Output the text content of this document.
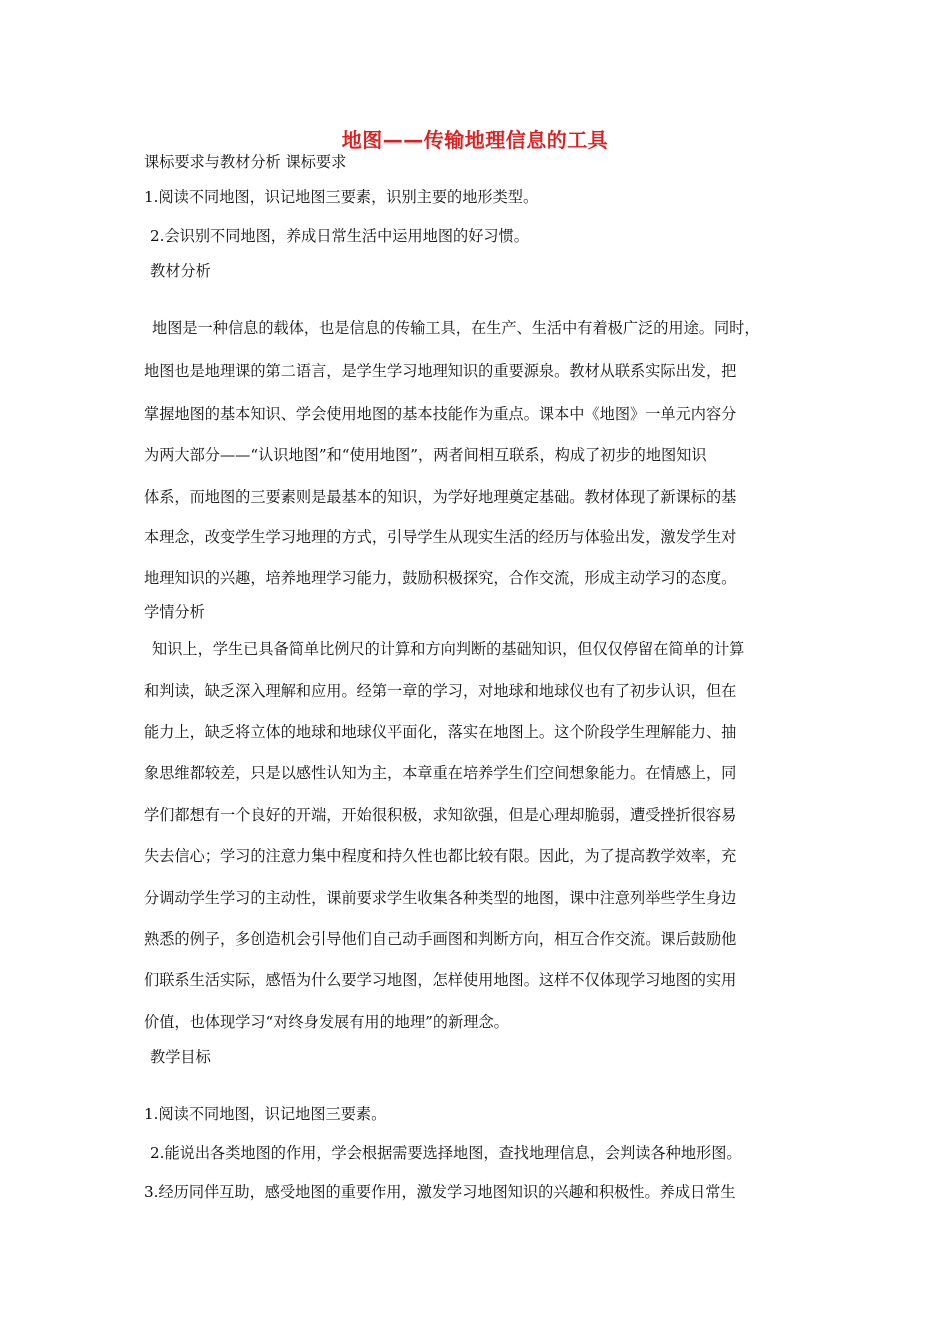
地图——传输地理信息的工具
课标要求与教材分析 课标要求
1.阅读不同地图，识记地图三要素，识别主要的地形类型。
2.会识别不同地图，养成日常生活中运用地图的好习惯。
教材分析
地图是一种信息的载体，也是信息的传输工具，在生产、生活中有着极广泛的用途。同时，
地图也是地理课的第二语言，是学生学习地理知识的重要源泉。教材从联系实际出发，把
掌握地图的基本知识、学会使用地图的基本技能作为重点。课本中《地图》一单元内容分
为两大部分——“认识地图”和“使用地图”，两者间相互联系，构成了初步的地图知识
体系，而地图的三要素则是最基本的知识，为学好地理奠定基础。教材体现了新课标的基
本理念，改变学生学习地理的方式，引导学生从现实生活的经历与体验出发，激发学生对
地理知识的兴趣，培养地理学习能力，鼓励积极探究，合作交流，形成主动学习的态度。
学情分析
知识上，学生已具备简单比例尺的计算和方向判断的基础知识，但仅仅停留在简单的计算
和判读，缺乏深入理解和应用。经第一章的学习，对地球和地球仪也有了初步认识，但在
能力上，缺乏将立体的地球和地球仪平面化，落实在地图上。这个阶段学生理解能力、抽
象思维都较差，只是以感性认知为主，本章重在培养学生们空间想象能力。在情感上，同
学们都想有一个良好的开端，开始很积极，求知欲强，但是心理却脆弱，遭受挫折很容易
失去信心；学习的注意力集中程度和持久性也都比较有限。因此，为了提高教学效率，充
分调动学生学习的主动性，课前要求学生收集各种类型的地图，课中注意列举些学生身边
熟悉的例子，多创造机会引导他们自己动手画图和判断方向，相互合作交流。课后鼓励他
们联系生活实际，感悟为什么要学习地图，怎样使用地图。这样不仅体现学习地图的实用
价值，也体现学习“对终身发展有用的地理”的新理念。
教学目标
1.阅读不同地图，识记地图三要素。
2.能说出各类地图的作用，学会根据需要选择地图，查找地理信息，会判读各种地形图。
3.经历同伴互助，感受地图的重要作用，激发学习地图知识的兴趣和积极性。养成日常生
